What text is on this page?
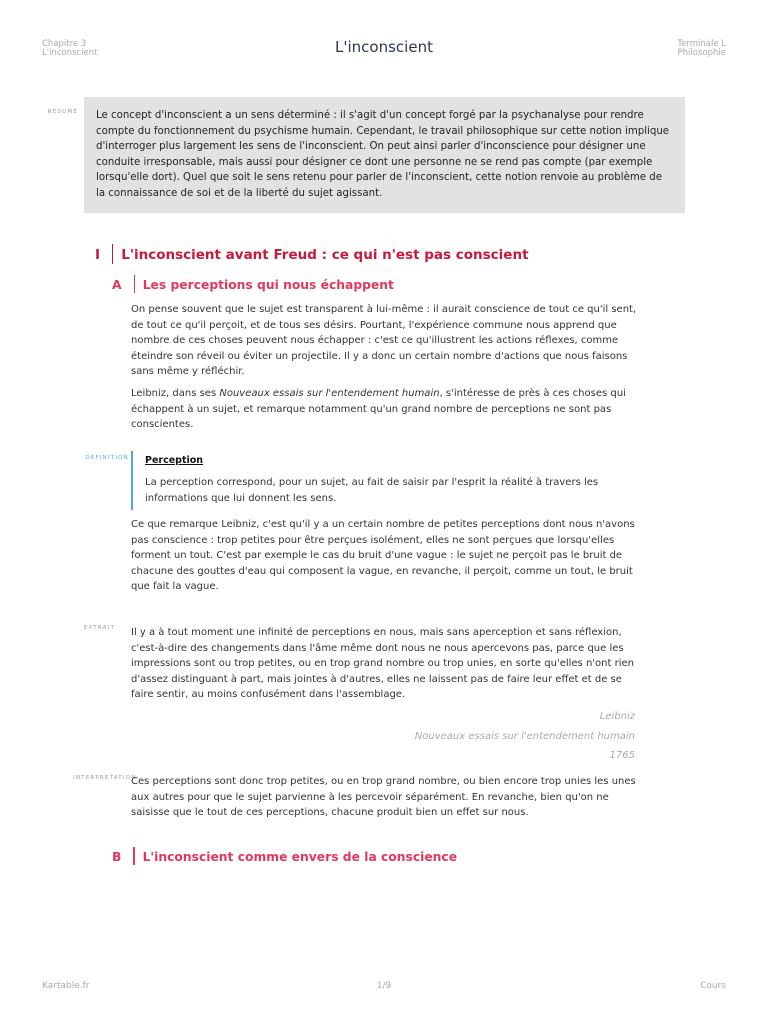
Chapitre 3
L'inconscient	L'inconscient	Terminale L
Philosophie
RÉSUMÉ	Le concept d'inconscient a un sens déterminé : il s'agit d'un concept forgé par la psychanalyse pour rendre compte du fonctionnement du psychisme humain. Cependant, le travail philosophique sur cette notion implique d'interroger plus largement les sens de l'inconscient. On peut ainsi parler d'inconscience pour désigner une conduite irresponsable, mais aussi pour désigner ce dont une personne ne se rend pas compte (par exemple lorsqu'elle dort). Quel que soit le sens retenu pour parler de l'inconscient, cette notion renvoie au problème de la connaissance de soi et de la liberté du sujet agissant.
I L'inconscient avant Freud : ce qui n'est pas conscient
A Les perceptions qui nous échappent
On pense souvent que le sujet est transparent à lui-même : il aurait conscience de tout ce qu'il sent, de tout ce qu'il perçoit, et de tous ses désirs. Pourtant, l'expérience commune nous apprend que nombre de ces choses peuvent nous échapper : c'est ce qu'illustrent les actions réflexes, comme éteindre son réveil ou éviter un projectile. Il y a donc un certain nombre d'actions que nous faisons sans même y réfléchir.
Leibniz, dans ses Nouveaux essais sur l'entendement humain, s'intéresse de près à ces choses qui échappent à un sujet, et remarque notamment qu'un grand nombre de perceptions ne sont pas conscientes.
DÉFINITION Perception
La perception correspond, pour un sujet, au fait de saisir par l'esprit la réalité à travers les informations que lui donnent les sens.
Ce que remarque Leibniz, c'est qu'il y a un certain nombre de petites perceptions dont nous n'avons pas conscience : trop petites pour être perçues isolément, elles ne sont perçues que lorsqu'elles forment un tout. C'est par exemple le cas du bruit d'une vague : le sujet ne perçoit pas le bruit de chacune des gouttes d'eau qui composent la vague, en revanche, il perçoit, comme un tout, le bruit que fait la vague.
EXTRAIT Il y a à tout moment une infinité de perceptions en nous, mais sans aperception et sans réflexion, c'est-à-dire des changements dans l'âme même dont nous ne nous apercevons pas, parce que les impressions sont ou trop petites, ou en trop grand nombre ou trop unies, en sorte qu'elles n'ont rien d'assez distinguant à part, mais jointes à d'autres, elles ne laissent pas de faire leur effet et de se faire sentir, au moins confusément dans l'assemblage.
Leibniz
Nouveaux essais sur l'entendement humain
1765
INTERPRÉTATION
Ces perceptions sont donc trop petites, ou en trop grand nombre, ou bien encore trop unies les unes aux autres pour que le sujet parvienne à les percevoir séparément. En revanche, bien qu'on ne saisisse que le tout de ces perceptions, chacune produit bien un effet sur nous.
B L'inconscient comme envers de la conscience
Kartable.fr	1/9	Cours
